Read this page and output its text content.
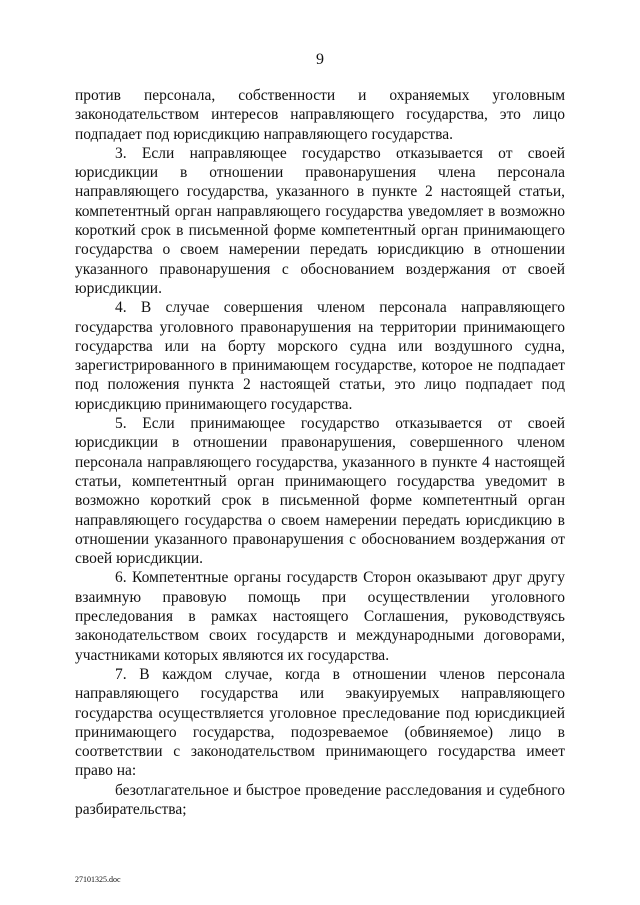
9

против персонала, собственности и охраняемых уголовным законодательством интересов направляющего государства, это лицо подпадает под юрисдикцию направляющего государства.

3. Если направляющее государство отказывается от своей юрисдикции в отношении правонарушения члена персонала направляющего государства, указанного в пункте 2 настоящей статьи, компетентный орган направляющего государства уведомляет в возможно короткий срок в письменной форме компетентный орган принимающего государства о своем намерении передать юрисдикцию в отношении указанного правонарушения с обоснованием воздержания от своей юрисдикции.

4. В случае совершения членом персонала направляющего государства уголовного правонарушения на территории принимающего государства или на борту морского судна или воздушного судна, зарегистрированного в принимающем государстве, которое не подпадает под положения пункта 2 настоящей статьи, это лицо подпадает под юрисдикцию принимающего государства.

5. Если принимающее государство отказывается от своей юрисдикции в отношении правонарушения, совершенного членом персонала направляющего государства, указанного в пункте 4 настоящей статьи, компетентный орган принимающего государства уведомит в возможно короткий срок в письменной форме компетентный орган направляющего государства о своем намерении передать юрисдикцию в отношении указанного правонарушения с обоснованием воздержания от своей юрисдикции.

6. Компетентные органы государств Сторон оказывают друг другу взаимную правовую помощь при осуществлении уголовного преследования в рамках настоящего Соглашения, руководствуясь законодательством своих государств и международными договорами, участниками которых являются их государства.

7. В каждом случае, когда в отношении членов персонала направляющего государства или эвакуируемых направляющего государства осуществляется уголовное преследование под юрисдикцией принимающего государства, подозреваемое (обвиняемое) лицо в соответствии с законодательством принимающего государства имеет право на:

безотлагательное и быстрое проведение расследования и судебного разбирательства;

27101325.doc
